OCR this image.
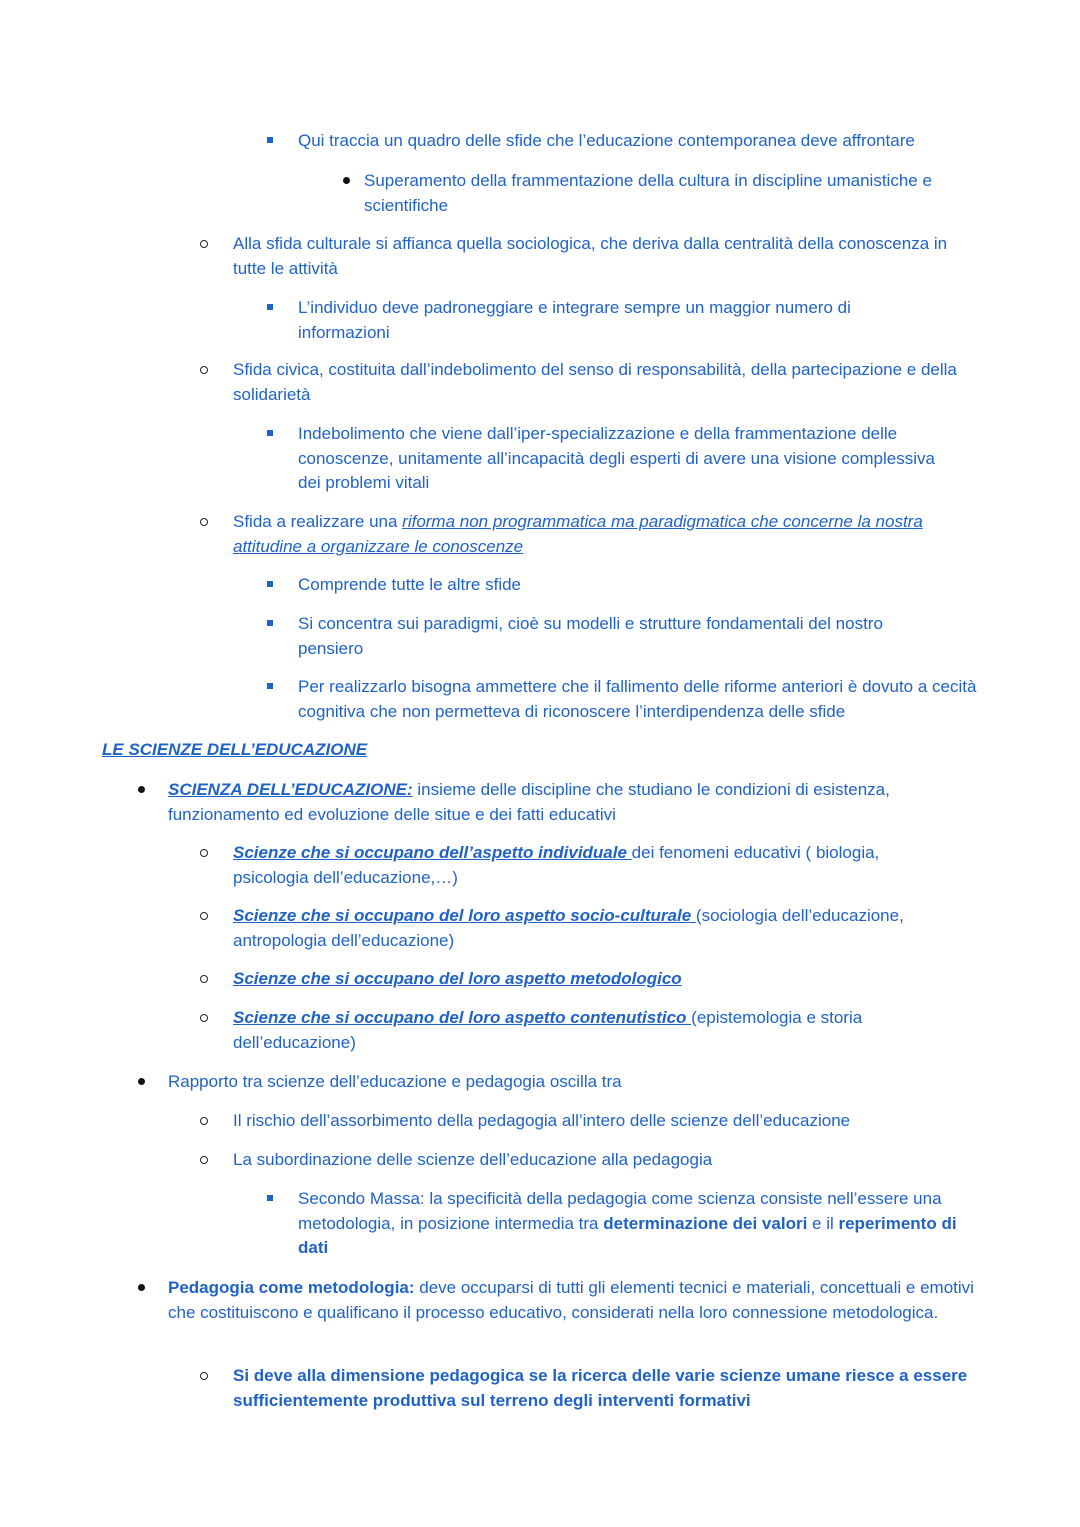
Qui traccia un quadro delle sfide che l’educazione contemporanea deve affrontare
Superamento della frammentazione della cultura in discipline umanistiche e scientifiche
Alla sfida culturale si affianca quella sociologica, che deriva dalla centralità della conoscenza in tutte le attività
L’individuo deve padroneggiare e integrare sempre un maggior numero di informazioni
Sfida civica, costituita dall’indebolimento del senso di responsabilità, della partecipazione e della solidarietà
Indebolimento che viene dall’iper-specializzazione e della frammentazione delle conoscenze, unitamente all’incapacità degli esperti di avere una visione complessiva dei problemi vitali
Sfida a realizzare una riforma non programmatica ma paradigmatica che concerne la nostra attitudine a organizzare le conoscenze
Comprende tutte le altre sfide
Si concentra sui paradigmi, cioè su modelli e strutture fondamentali del nostro pensiero
Per realizzarlo bisogna ammettere che il fallimento delle riforme anteriori è dovuto a cecità cognitiva che non permetteva di riconoscere l’interdipendenza delle sfide
LE SCIENZE DELL’EDUCAZIONE
SCIENZA DELL’EDUCAZIONE: insieme delle discipline che studiano le condizioni di esistenza, funzionamento ed evoluzione delle situe e dei fatti educativi
Scienze che si occupano dell’aspetto individuale dei fenomeni educativi ( biologia, psicologia dell’educazione,…)
Scienze che si occupano del loro aspetto socio-culturale (sociologia dell’educazione, antropologia dell’educazione)
Scienze che si occupano del loro aspetto metodologico
Scienze che si occupano del loro aspetto contenutistico (epistemologia e storia dell’educazione)
Rapporto tra scienze dell’educazione e pedagogia oscilla tra
Il rischio dell’assorbimento della pedagogia all’intero delle scienze dell’educazione
La subordinazione delle scienze dell’educazione alla pedagogia
Secondo Massa: la specificità della pedagogia come scienza consiste nell’essere una metodologia, in posizione intermedia tra determinazione dei valori e il reperimento di dati
Pedagogia come metodologia: deve occuparsi di tutti gli elementi tecnici e materiali, concettuali e emotivi che costituiscono e qualificano il processo educativo, considerati nella loro connessione metodologica.
Si deve alla dimensione pedagogica se la ricerca delle varie scienze umane riesce a essere sufficientemente produttiva sul terreno degli interventi formativi
